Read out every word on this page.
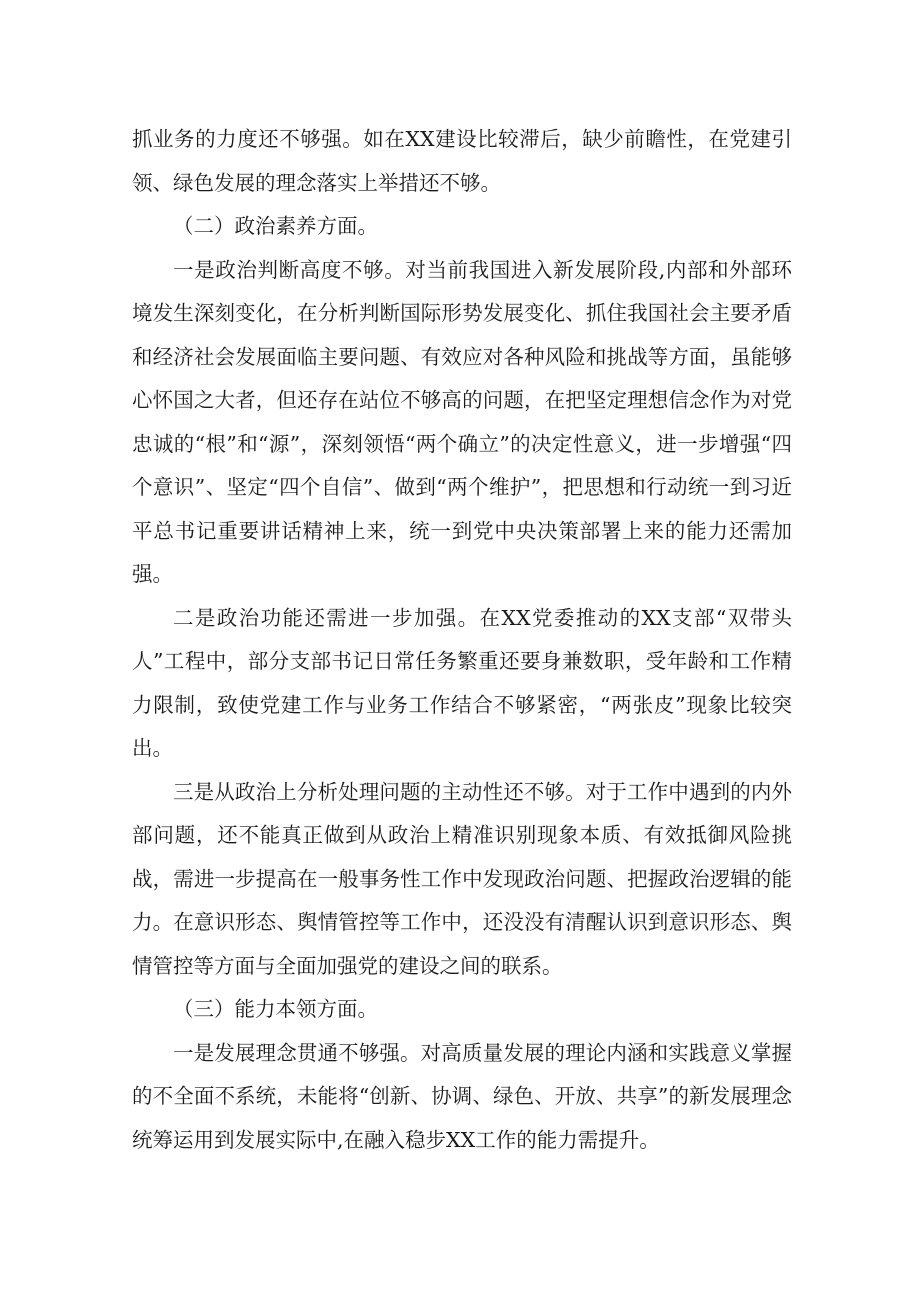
抓业务的力度还不够强。如在XX建设比较滞后，缺少前瞻性，在党建引领、绿色发展的理念落实上举措还不够。

（二）政治素养方面。

一是政治判断高度不够。对当前我国进入新发展阶段,内部和外部环境发生深刻变化，在分析判断国际形势发展变化、抓住我国社会主要矛盾和经济社会发展面临主要问题、有效应对各种风险和挑战等方面，虽能够心怀国之大者，但还存在站位不够高的问题，在把坚定理想信念作为对党忠诚的“根”和“源”，深刻领悟“两个确立”的决定性意义，进一步增强“四个意识”、坚定“四个自信”、做到“两个维护”，把思想和行动统一到习近平总书记重要讲话精神上来，统一到党中央决策部署上来的能力还需加强。

二是政治功能还需进一步加强。在XX党委推动的XX支部“双带头人”工程中，部分支部书记日常任务繁重还要身兼数职，受年龄和工作精力限制，致使党建工作与业务工作结合不够紧密，“两张皮”现象比较突出。

三是从政治上分析处理问题的主动性还不够。对于工作中遇到的内外部问题，还不能真正做到从政治上精准识别现象本质、有效抵御风险挑战，需进一步提高在一般事务性工作中发现政治问题、把握政治逻辑的能力。在意识形态、舆情管控等工作中，还没没有清醒认识到意识形态、舆情管控等方面与全面加强党的建设之间的联系。

（三）能力本领方面。

一是发展理念贯通不够强。对高质量发展的理论内涵和实践意义掌握的不全面不系统，未能将“创新、协调、绿色、开放、共享”的新发展理念统筹运用到发展实际中,在融入稳步XX工作的能力需提升。
